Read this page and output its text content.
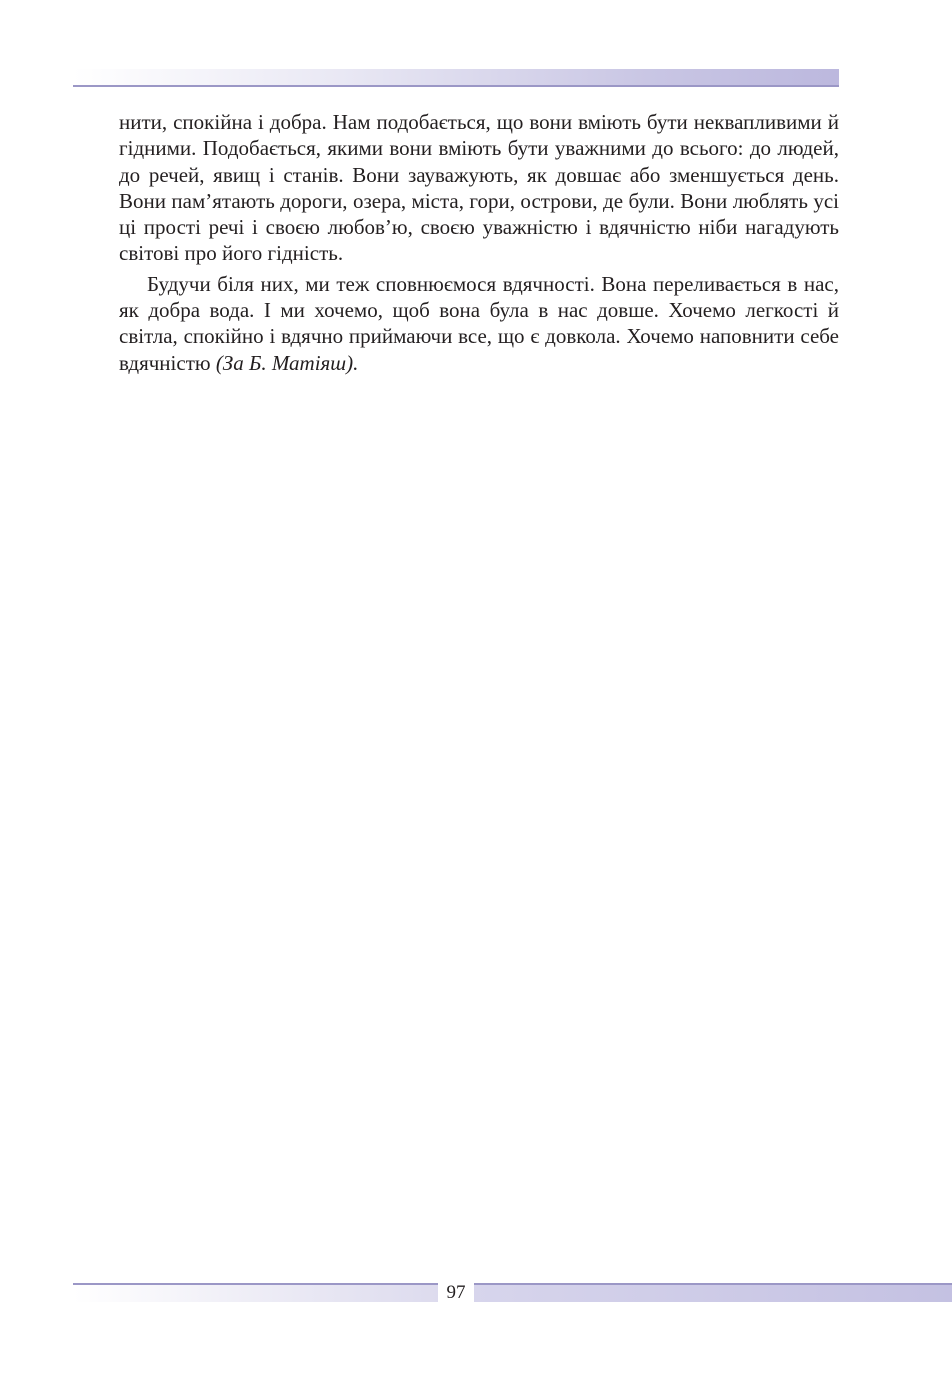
нити, спокійна і добра. Нам подобається, що вони вміють бути неквапливими й гідними. Подобається, якими вони вміють бути уважними до всього: до людей, до речей, явищ і станів. Вони зауважують, як довшає або зменшується день. Вони пам’ятають дороги, озера, міста, гори, острови, де були. Вони люблять усі ці прості речі і своєю любов’ю, своєю уважністю і вдячністю ніби нагадують світові про його гідність.

Будучи біля них, ми теж сповнюємося вдячності. Вона переливається в нас, як добра вода. І ми хочемо, щоб вона була в нас довше. Хочемо легкості й світла, спокійно і вдячно приймаючи все, що є довкола. Хочемо наповнити себе вдячністю (За Б. Матіяш).

97
